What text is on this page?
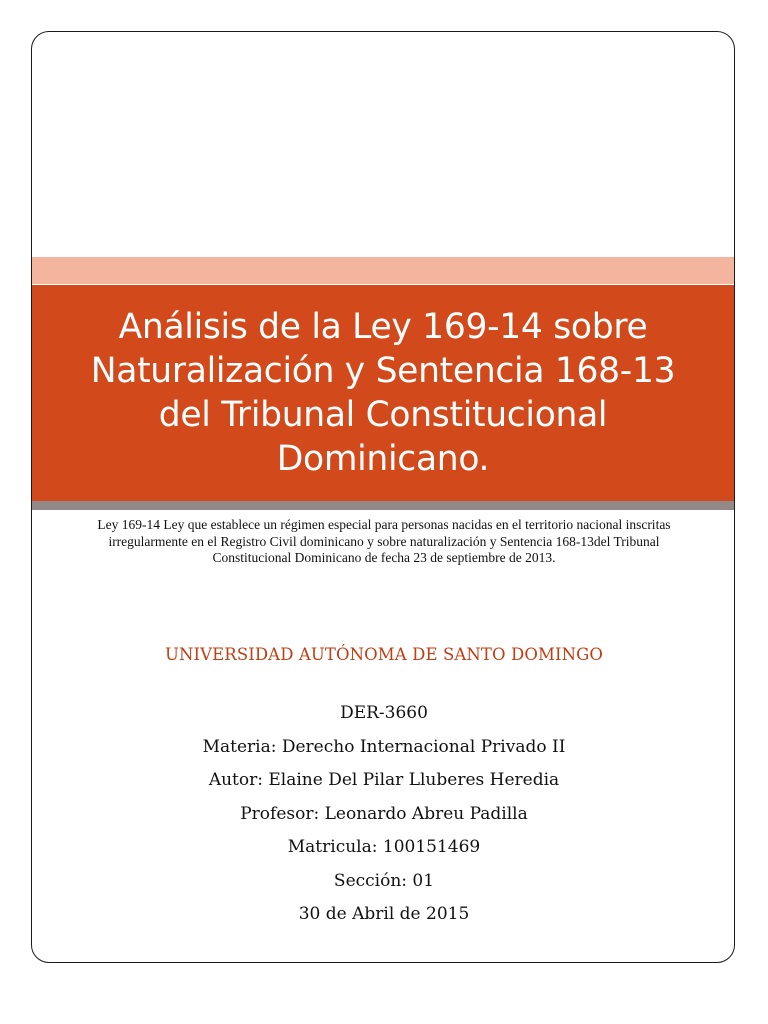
Análisis de la Ley 169-14 sobre
Naturalización y Sentencia 168-13
del Tribunal Constitucional
Dominicano.

Ley 169-14 Ley que establece un régimen especial para personas nacidas en el territorio nacional inscritas
irregularmente en el Registro Civil dominicano y sobre naturalización y Sentencia 168-13del Tribunal
Constitucional Dominicano de fecha 23 de septiembre de 2013.

UNIVERSIDAD AUTÓNOMA DE SANTO DOMINGO

DER-3660
Materia: Derecho Internacional Privado II
Autor: Elaine Del Pilar Lluberes Heredia
Profesor: Leonardo Abreu Padilla
Matricula: 100151469
Sección: 01
30 de Abril de 2015
